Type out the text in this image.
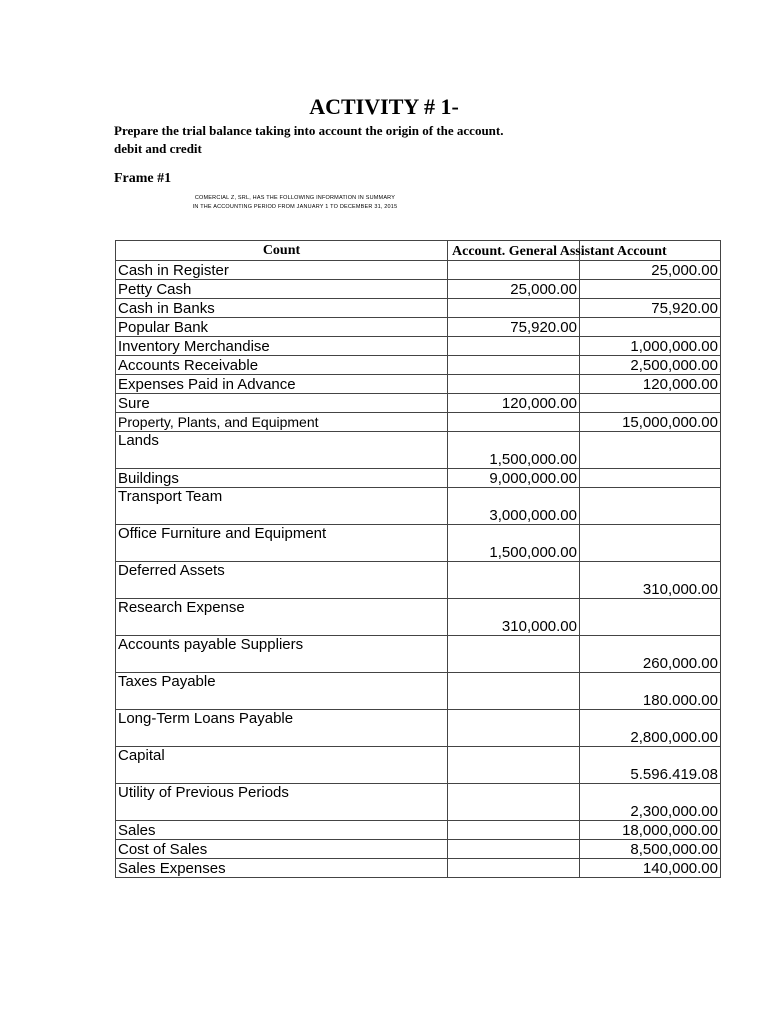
ACTIVITY # 1-
Prepare the trial balance taking into account the origin of the account.
debit and credit
Frame #1
COMERCIAL Z, SRL, HAS THE FOLLOWING INFORMATION IN SUMMARY
IN THE ACCOUNTING PERIOD FROM JANUARY 1 TO DECEMBER 31, 2015
Count	Account. General Assistant Account	

Cash in Register		25,000.00
Petty Cash	25,000.00	
Cash in Banks		75,920.00
Popular Bank	75,920.00	
Inventory Merchandise		1,000,000.00
Accounts Receivable		2,500,000.00
Expenses Paid in Advance		120,000.00
Sure	120,000.00	
Property, Plants, and Equipment		15,000,000.00
Lands	1,500,000.00	
Buildings	9,000,000.00	
Transport Team	3,000,000.00	
Office Furniture and Equipment	1,500,000.00	
Deferred Assets		310,000.00
Research Expense	310,000.00	
Accounts payable Suppliers		260,000.00
Taxes Payable		180.000.00
Long-Term Loans Payable		2,800,000.00
Capital		5.596.419.08
Utility of Previous Periods		2,300,000.00
Sales		18,000,000.00
Cost of Sales		8,500,000.00
Sales Expenses		140,000.00
